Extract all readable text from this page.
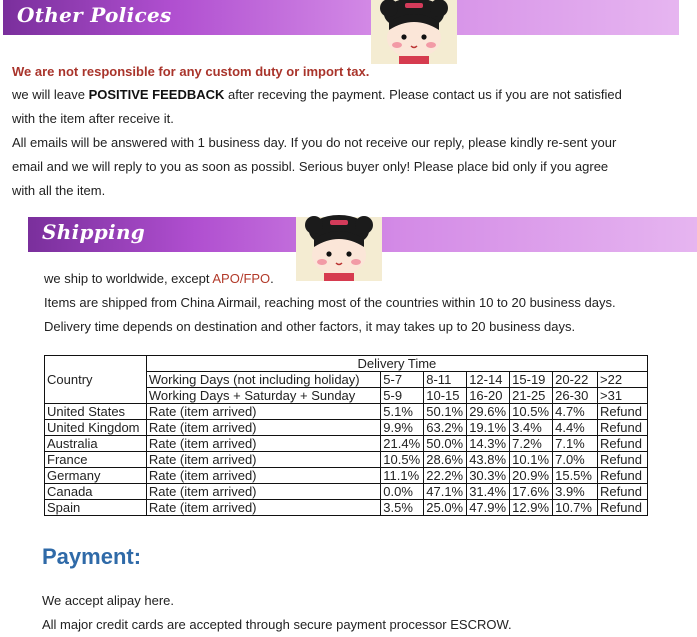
Other Polices
We are not responsible for any custom duty or import tax.
we will leave POSITIVE FEEDBACK after receving the payment. Please contact us if you are not satisfied
with the item after receive it.
All emails will be answered with 1 business day. If you do not receive our reply, please kindly re-sent your
email and we will reply to you as soon as possibl. Serious buyer only! Please place bid only if you agree
with all the item.
Shipping
we ship to worldwide, except APO/FPO.
Items are shipped from China Airmail, reaching most of the countries within 10 to 20 business days.
Delivery time depends on destination and other factors, it may takes up to 20 business days.
Country	Delivery Time						
	Working Days (not including holiday)	5-7	8-11	12-14	15-19	20-22	>22
	Working Days + Saturday + Sunday	5-9	10-15	16-20	21-25	26-30	>31
United States	Rate (item arrived)	5.1%	50.1%	29.6%	10.5%	4.7%	Refund
United Kingdom	Rate (item arrived)	9.9%	63.2%	19.1%	3.4%	4.4%	Refund
Australia	Rate (item arrived)	21.4%	50.0%	14.3%	7.2%	7.1%	Refund
France	Rate (item arrived)	10.5%	28.6%	43.8%	10.1%	7.0%	Refund
Germany	Rate (item arrived)	11.1%	22.2%	30.3%	20.9%	15.5%	Refund
Canada	Rate (item arrived)	0.0%	47.1%	31.4%	17.6%	3.9%	Refund
Spain	Rate (item arrived)	3.5%	25.0%	47.9%	12.9%	10.7%	Refund
Payment:
We accept alipay here.
All major credit cards are accepted through secure payment processor ESCROW.
